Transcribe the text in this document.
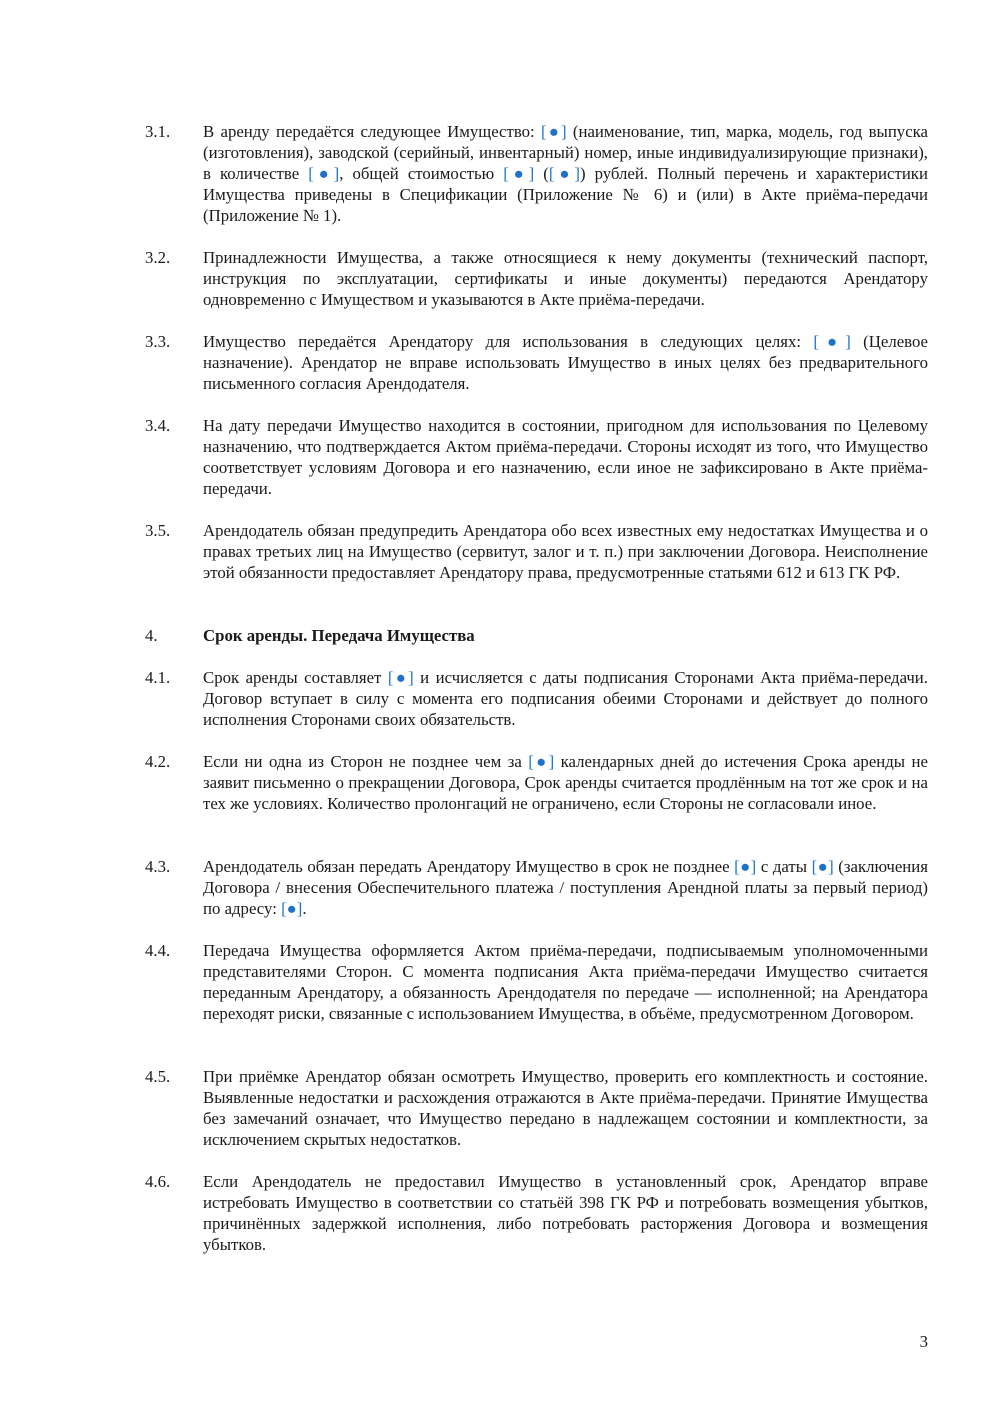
3.1.	В аренду передаётся следующее Имущество: [●] (наименование, тип, марка, модель, год выпуска (изготовления), заводской (серийный, инвентарный) номер, иные индивидуализирующие признаки), в количестве [●], общей стоимостью [●] ([●]) рублей. Полный перечень и характеристики Имущества приведены в Спецификации (Приложение № 6) и (или) в Акте приёма-передачи (Приложение № 1).
3.2.	Принадлежности Имущества, а также относящиеся к нему документы (технический паспорт, инструкция по эксплуатации, сертификаты и иные документы) передаются Арендатору одновременно с Имуществом и указываются в Акте приёма-передачи.
3.3.	Имущество передаётся Арендатору для использования в следующих целях: [●] (Целевое назначение). Арендатор не вправе использовать Имущество в иных целях без предварительного письменного согласия Арендодателя.
3.4.	На дату передачи Имущество находится в состоянии, пригодном для использования по Целевому назначению, что подтверждается Актом приёма-передачи. Стороны исходят из того, что Имущество соответствует условиям Договора и его назначению, если иное не зафиксировано в Акте приёма-передачи.
3.5.	Арендодатель обязан предупредить Арендатора обо всех известных ему недостатках Имущества и о правах третьих лиц на Имущество (сервитут, залог и т. п.) при заключении Договора. Неисполнение этой обязанности предоставляет Арендатору права, предусмотренные статьями 612 и 613 ГК РФ.
4.	Срок аренды. Передача Имущества
4.1.	Срок аренды составляет [●] и исчисляется с даты подписания Сторонами Акта приёма-передачи. Договор вступает в силу с момента его подписания обеими Сторонами и действует до полного исполнения Сторонами своих обязательств.
4.2.	Если ни одна из Сторон не позднее чем за [●] календарных дней до истечения Срока аренды не заявит письменно о прекращении Договора, Срок аренды считается продлённым на тот же срок и на тех же условиях. Количество пролонгаций не ограничено, если Стороны не согласовали иное.
4.3.	Арендодатель обязан передать Арендатору Имущество в срок не позднее [●] с даты [●] (заключения Договора / внесения Обеспечительного платежа / поступления Арендной платы за первый период) по адресу: [●].
4.4.	Передача Имущества оформляется Актом приёма-передачи, подписываемым уполномоченными представителями Сторон. С момента подписания Акта приёма-передачи Имущество считается переданным Арендатору, а обязанность Арендодателя по передаче — исполненной; на Арендатора переходят риски, связанные с использованием Имущества, в объёме, предусмотренном Договором.
4.5.	При приёмке Арендатор обязан осмотреть Имущество, проверить его комплектность и состояние. Выявленные недостатки и расхождения отражаются в Акте приёма-передачи. Принятие Имущества без замечаний означает, что Имущество передано в надлежащем состоянии и комплектности, за исключением скрытых недостатков.
4.6.	Если Арендодатель не предоставил Имущество в установленный срок, Арендатор вправе истребовать Имущество в соответствии со статьёй 398 ГК РФ и потребовать возмещения убытков, причинённых задержкой исполнения, либо потребовать расторжения Договора и возмещения убытков.
3
